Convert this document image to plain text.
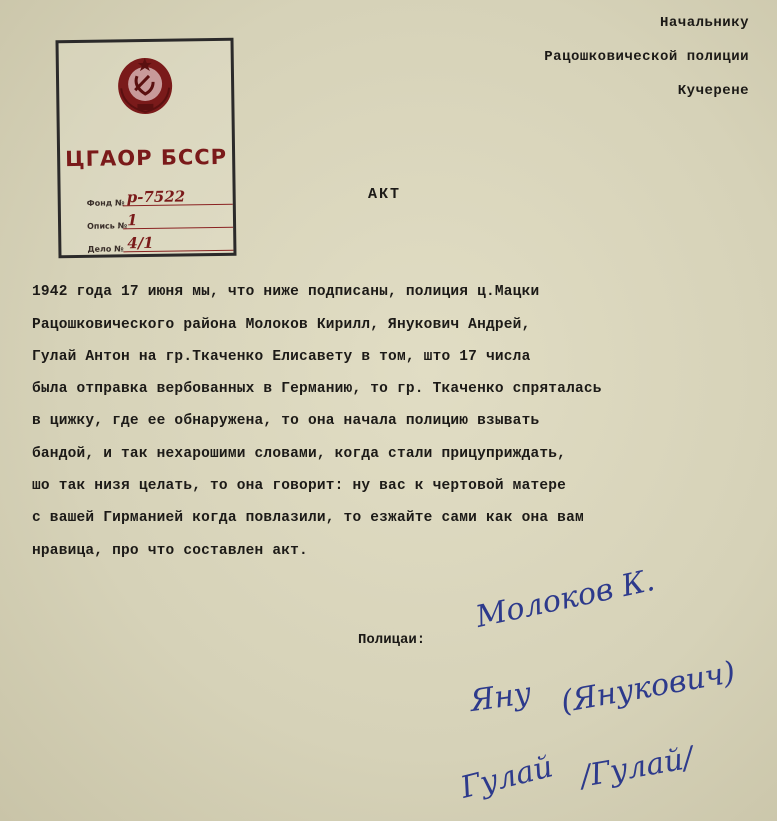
Начальнику
Рацошковической полиции
Кучерене
ЦГАОР БССР
Фонд № р-7522
Опись № 1
Дело № 4/1
АКТ

1942 года 17 июня мы, что ниже подписаны, полиция ц.Мацки
Рацошковического района Молоков Кирилл, Янукович Андрей,
Гулай Антон на гр.Ткаченко Елисавету в том, што 17 числа
была отправка вербованных в Германию, то гр. Ткаченко спряталась
в цижку, где ее обнаружена, то она начала полицию взывать
бандой, и так нехарошими словами, когда стали прицуприждать,
шо так низя целать, то она говорит: ну вас к чертовой матере
с вашей Гирманией когда повлазили, то езжайте сами как она вам
нравица, про что составлен акт.

Полицаи:
Молоков К.
Яну (Янукович)
Гулай /Гулай/
